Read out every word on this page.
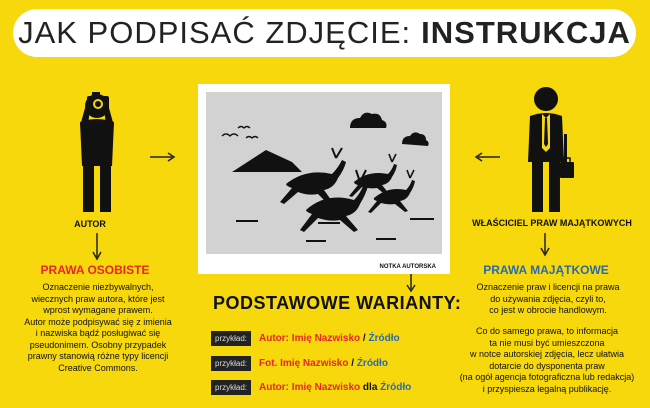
JAK PODPISAĆ ZDJĘCIE: INSTRUKCJA
AUTOR
PRAWA OSOBISTE
Oznaczenie niezbywalnych,
wiecznych praw autora, które jest
wprost wymagane prawem.
Autor może podpisywać się z imienia
i nazwiska bądź posługiwać się
pseudonimem. Osobny przypadek
prawny stanowią różne typy licencji
Creative Commons.
NOTKA AUTORSKA
WŁAŚCICIEL PRAW MAJĄTKOWYCH
PRAWA MAJĄTKOWE
Oznaczenie praw i licencji na prawa
do używania zdjęcia, czyli to,
co jest w obrocie handlowym.
Co do samego prawa, to informacja
ta nie musi być umieszczona
w notce autorskiej zdjęcia, lecz ułatwia
dotarcie do dysponenta praw
(na ogół agencja fotograficzna lub redakcja)
i przyspiesza legalną publikację.
PODSTAWOWE WARIANTY:
przykład:	Autor: Imię Nazwisko / Źródło
przykład:	Fot. Imię Nazwisko / Źródło
przykład:	Autor: Imię Nazwisko dla Źródło
